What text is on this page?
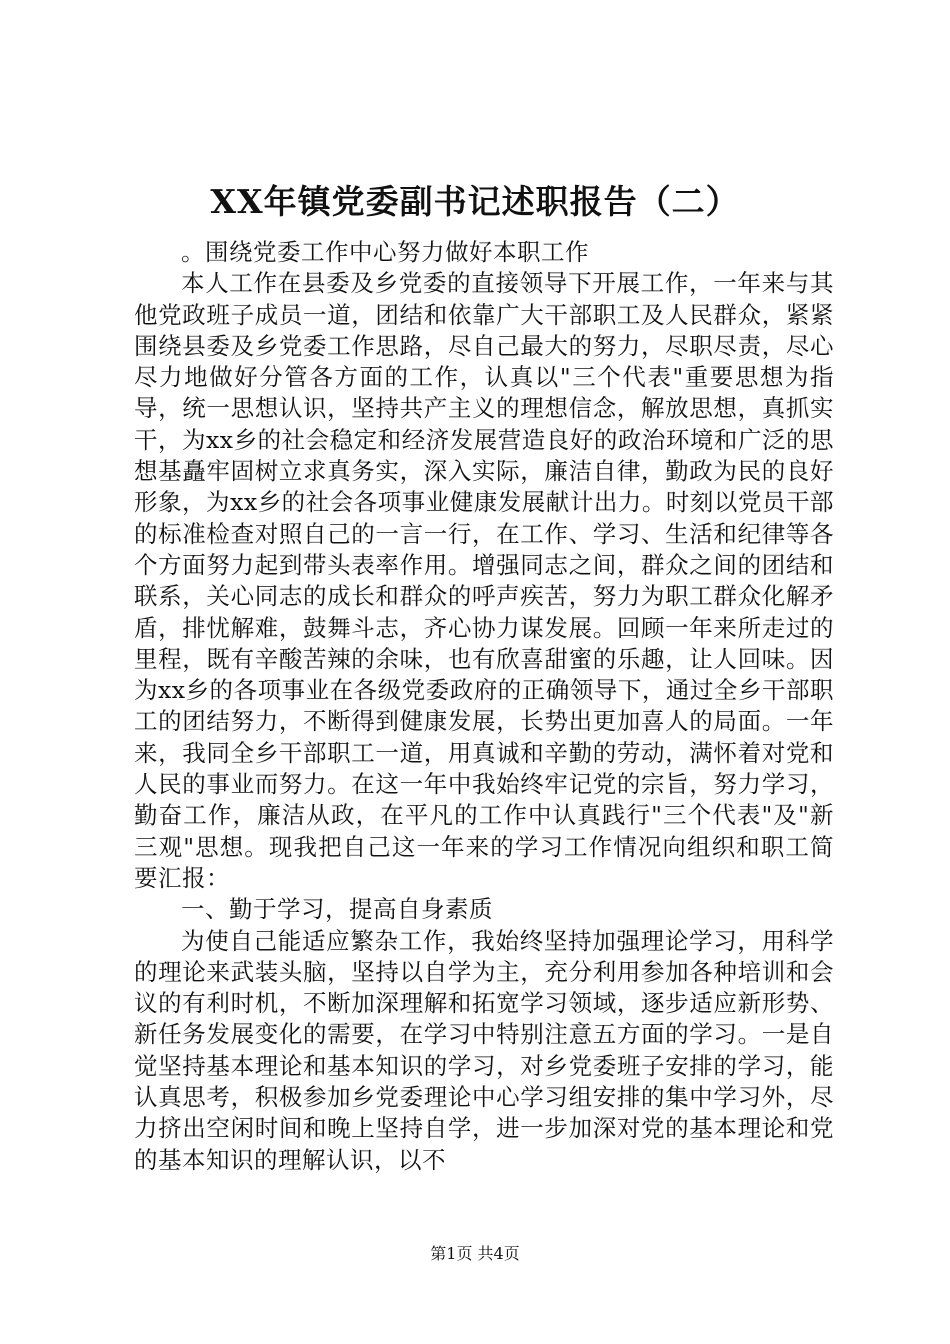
XX年镇党委副书记述职报告（二）

。围绕党委工作中心努力做好本职工作

本人工作在县委及乡党委的直接领导下开展工作，一年来与其他党政班子成员一道，团结和依靠广大干部职工及人民群众，紧紧围绕县委及乡党委工作思路，尽自己最大的努力，尽职尽责，尽心尽力地做好分管各方面的工作，认真以"三个代表"重要思想为指导，统一思想认识，坚持共产主义的理想信念，解放思想，真抓实干，为xx乡的社会稳定和经济发展营造良好的政治环境和广泛的思想基矗牢固树立求真务实，深入实际，廉洁自律，勤政为民的良好形象，为xx乡的社会各项事业健康发展献计出力。时刻以党员干部的标准检查对照自己的一言一行，在工作、学习、生活和纪律等各个方面努力起到带头表率作用。增强同志之间，群众之间的团结和联系，关心同志的成长和群众的呼声疾苦，努力为职工群众化解矛盾，排忧解难，鼓舞斗志，齐心协力谋发展。回顾一年来所走过的里程，既有辛酸苦辣的余味，也有欣喜甜蜜的乐趣，让人回味。因为xx乡的各项事业在各级党委政府的正确领导下，通过全乡干部职工的团结努力，不断得到健康发展，长势出更加喜人的局面。一年来，我同全乡干部职工一道，用真诚和辛勤的劳动，满怀着对党和人民的事业而努力。在这一年中我始终牢记党的宗旨，努力学习，勤奋工作，廉洁从政，在平凡的工作中认真践行"三个代表"及"新三观"思想。现我把自己这一年来的学习工作情况向组织和职工简要汇报：

一、勤于学习，提高自身素质

为使自己能适应繁杂工作，我始终坚持加强理论学习，用科学的理论来武装头脑，坚持以自学为主，充分利用参加各种培训和会议的有利时机，不断加深理解和拓宽学习领域，逐步适应新形势、新任务发展变化的需要，在学习中特别注意五方面的学习。一是自觉坚持基本理论和基本知识的学习，对乡党委班子安排的学习，能认真思考，积极参加乡党委理论中心学习组安排的集中学习外，尽力挤出空闲时间和晚上坚持自学，进一步加深对党的基本理论和党的基本知识的理解认识，以不

第1页 共4页
